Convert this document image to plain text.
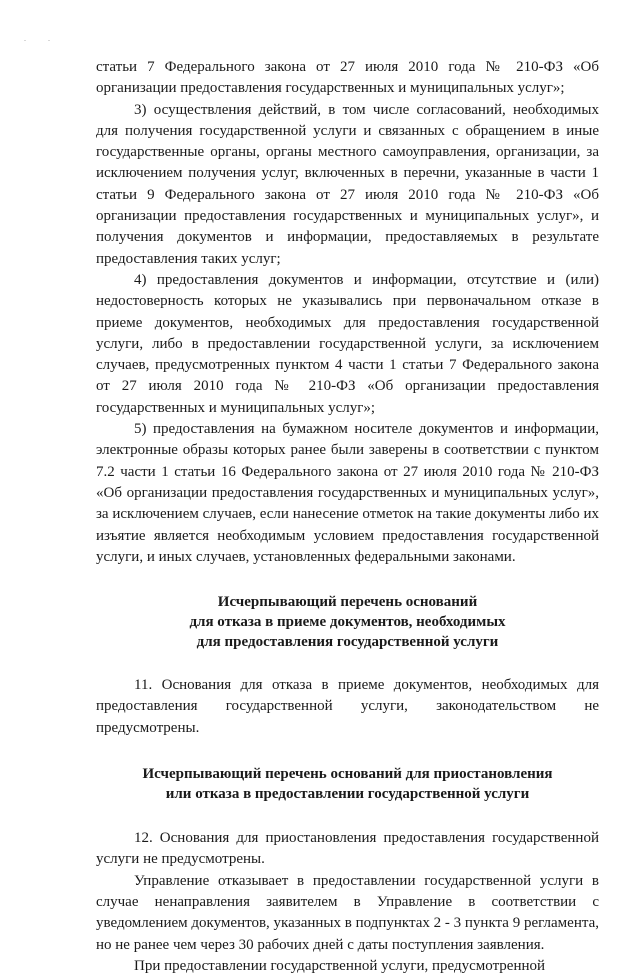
. .

статьи 7 Федерального закона от 27 июля 2010 года № 210-ФЗ «Об организации предоставления государственных и муниципальных услуг»;

3) осуществления действий, в том числе согласований, необходимых для получения государственной услуги и связанных с обращением в иные государственные органы, органы местного самоуправления, организации, за исключением получения услуг, включенных в перечни, указанные в части 1 статьи 9 Федерального закона от 27 июля 2010 года № 210-ФЗ «Об организации предоставления государственных и муниципальных услуг», и получения документов и информации, предоставляемых в результате предоставления таких услуг;

4) предоставления документов и информации, отсутствие и (или) недостоверность которых не указывались при первоначальном отказе в приеме документов, необходимых для предоставления государственной услуги, либо в предоставлении государственной услуги, за исключением случаев, предусмотренных пунктом 4 части 1 статьи 7 Федерального закона от 27 июля 2010 года № 210-ФЗ «Об организации предоставления государственных и муниципальных услуг»;

5) предоставления на бумажном носителе документов и информации, электронные образы которых ранее были заверены в соответствии с пунктом 7.2 части 1 статьи 16 Федерального закона от 27 июля 2010 года № 210-ФЗ «Об организации предоставления государственных и муниципальных услуг», за исключением случаев, если нанесение отметок на такие документы либо их изъятие является необходимым условием предоставления государственной услуги, и иных случаев, установленных федеральными законами.

Исчерпывающий перечень оснований
для отказа в приеме документов, необходимых
для предоставления государственной услуги

11. Основания для отказа в приеме документов, необходимых для предоставления государственной услуги, законодательством не предусмотрены.

Исчерпывающий перечень оснований для приостановления
или отказа в предоставлении государственной услуги

12. Основания для приостановления предоставления государственной услуги не предусмотрены.

Управление отказывает в предоставлении государственной услуги в случае ненаправления заявителем в Управление в соответствии с уведомлением документов, указанных в подпунктах 2 - 3 пункта 9 регламента, но не ранее чем через 30 рабочих дней с даты поступления заявления.

При предоставлении государственной услуги, предусмотренной
